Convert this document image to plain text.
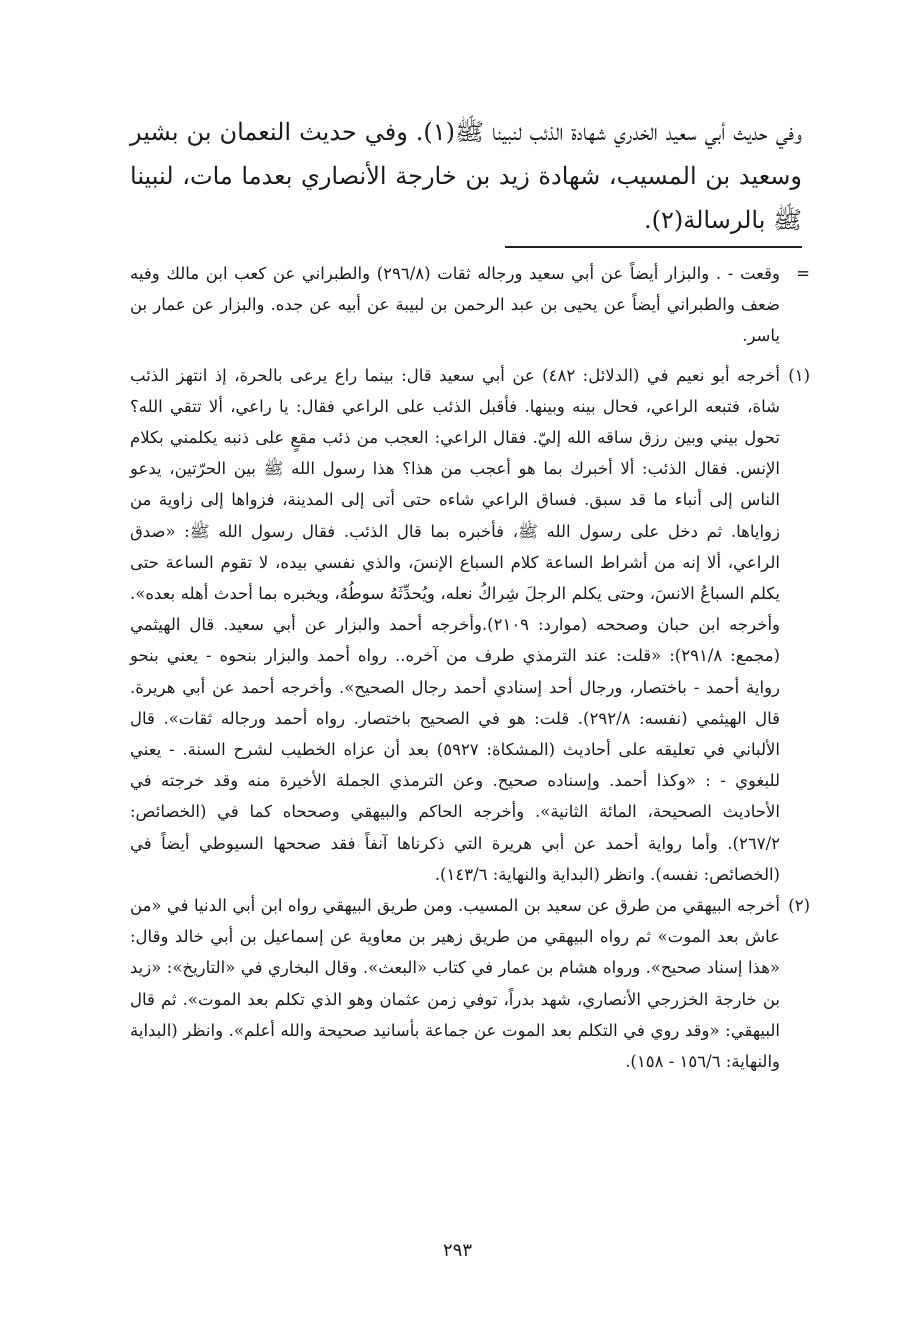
وفي حديث أبي سعيد الخدري شهادة الذئب لنبينا ﷺ(١). وفي حديث النعمان بن بشير وسعيد بن المسيب، شهادة زيد بن خارجة الأنصاري بعدما مات، لنبينا ﷺ بالرسالة(٢).

=
وقعت - . والبزار أيضاً عن أبي سعيد ورجاله ثقات (٢٩٦/٨) والطبراني عن كعب ابن مالك وفيه ضعف والطبراني أيضاً عن يحيى بن عبد الرحمن بن لبيبة عن أبيه عن جده. والبزار عن عمار بن ياسر.

(١)
أخرجه أبو نعيم في (الدلائل: ٤٨٢) عن أبي سعيد قال: بينما راع يرعى بالحرة، إذ انتهز الذئب شاة، فتبعه الراعي، فحال بينه وبينها. فأقبل الذئب على الراعي فقال: يا راعي، ألا تتقي الله؟ تحول بيني وبين رزق ساقه الله إليّ. فقال الراعي: العجب من ذئب مقعٍ على ذنبه يكلمني بكلام الإنس. فقال الذئب: ألا أخبرك بما هو أعجب من هذا؟ هذا رسول الله ﷺ بين الحرّتين، يدعو الناس إلى أنباء ما قد سبق. فساق الراعي شاءه حتى أتى إلى المدينة، فزواها إلى زاوية من زواياها. ثم دخل على رسول الله ﷺ، فأخبره بما قال الذئب. فقال رسول الله ﷺ: «صدق الراعي، ألا إنه من أشراط الساعة كلام السباع الإنسَ، والذي نفسي بيده، لا تقوم الساعة حتى يكلم السباعُ الانسَ، وحتى يكلم الرجلَ شِراكُ نعله، ويُحدِّثَهُ سوطُهُ، ويخبره بما أحدث أهله بعده». وأخرجه ابن حبان وصححه (موارد: ٢١٠٩).وأخرجه أحمد والبزار عن أبي سعيد. قال الهيثمي (مجمع: ٢٩١/٨): «قلت: عند الترمذي طرف من آخره.. رواه أحمد والبزار بنحوه - يعني بنحو رواية أحمد - باختصار، ورجال أحد إسنادي أحمد رجال الصحيح». وأخرجه أحمد عن أبي هريرة. قال الهيثمي (نفسه: ٢٩٢/٨). قلت: هو في الصحيح باختصار. رواه أحمد ورجاله ثقات». قال الألباني في تعليقه على أحاديث (المشكاة: ٥٩٢٧) بعد أن عزاه الخطيب لشرح السنة. - يعني للبغوي - : «وكذا أحمد. وإسناده صحيح. وعن الترمذي الجملة الأخيرة منه وقد خرجته في الأحاديث الصحيحة، المائة الثانية». وأخرجه الحاكم والبيهقي وصححاه كما في (الخصائص: ٢٦٧/٢). وأما رواية أحمد عن أبي هريرة التي ذكرناها آنفاً فقد صححها السيوطي أيضاً في (الخصائص: نفسه). وانظر (البداية والنهاية: ١٤٣/٦).

(٢)
أخرجه البيهقي من طرق عن سعيد بن المسيب. ومن طريق البيهقي رواه ابن أبي الدنيا في «من عاش بعد الموت» ثم رواه البيهقي من طريق زهير بن معاوية عن إسماعيل بن أبي خالد وقال: «هذا إسناد صحيح». ورواه هشام بن عمار في كتاب «البعث». وقال البخاري في «التاريخ»: «زيد بن خارجة الخزرجي الأنصاري، شهد بدراً، توفي زمن عثمان وهو الذي تكلم بعد الموت». ثم قال البيهقي: «وقد روي في التكلم بعد الموت عن جماعة بأسانيد صحيحة والله أعلم». وانظر (البداية والنهاية: ١٥٦/٦ - ١٥٨).

٢٩٣
